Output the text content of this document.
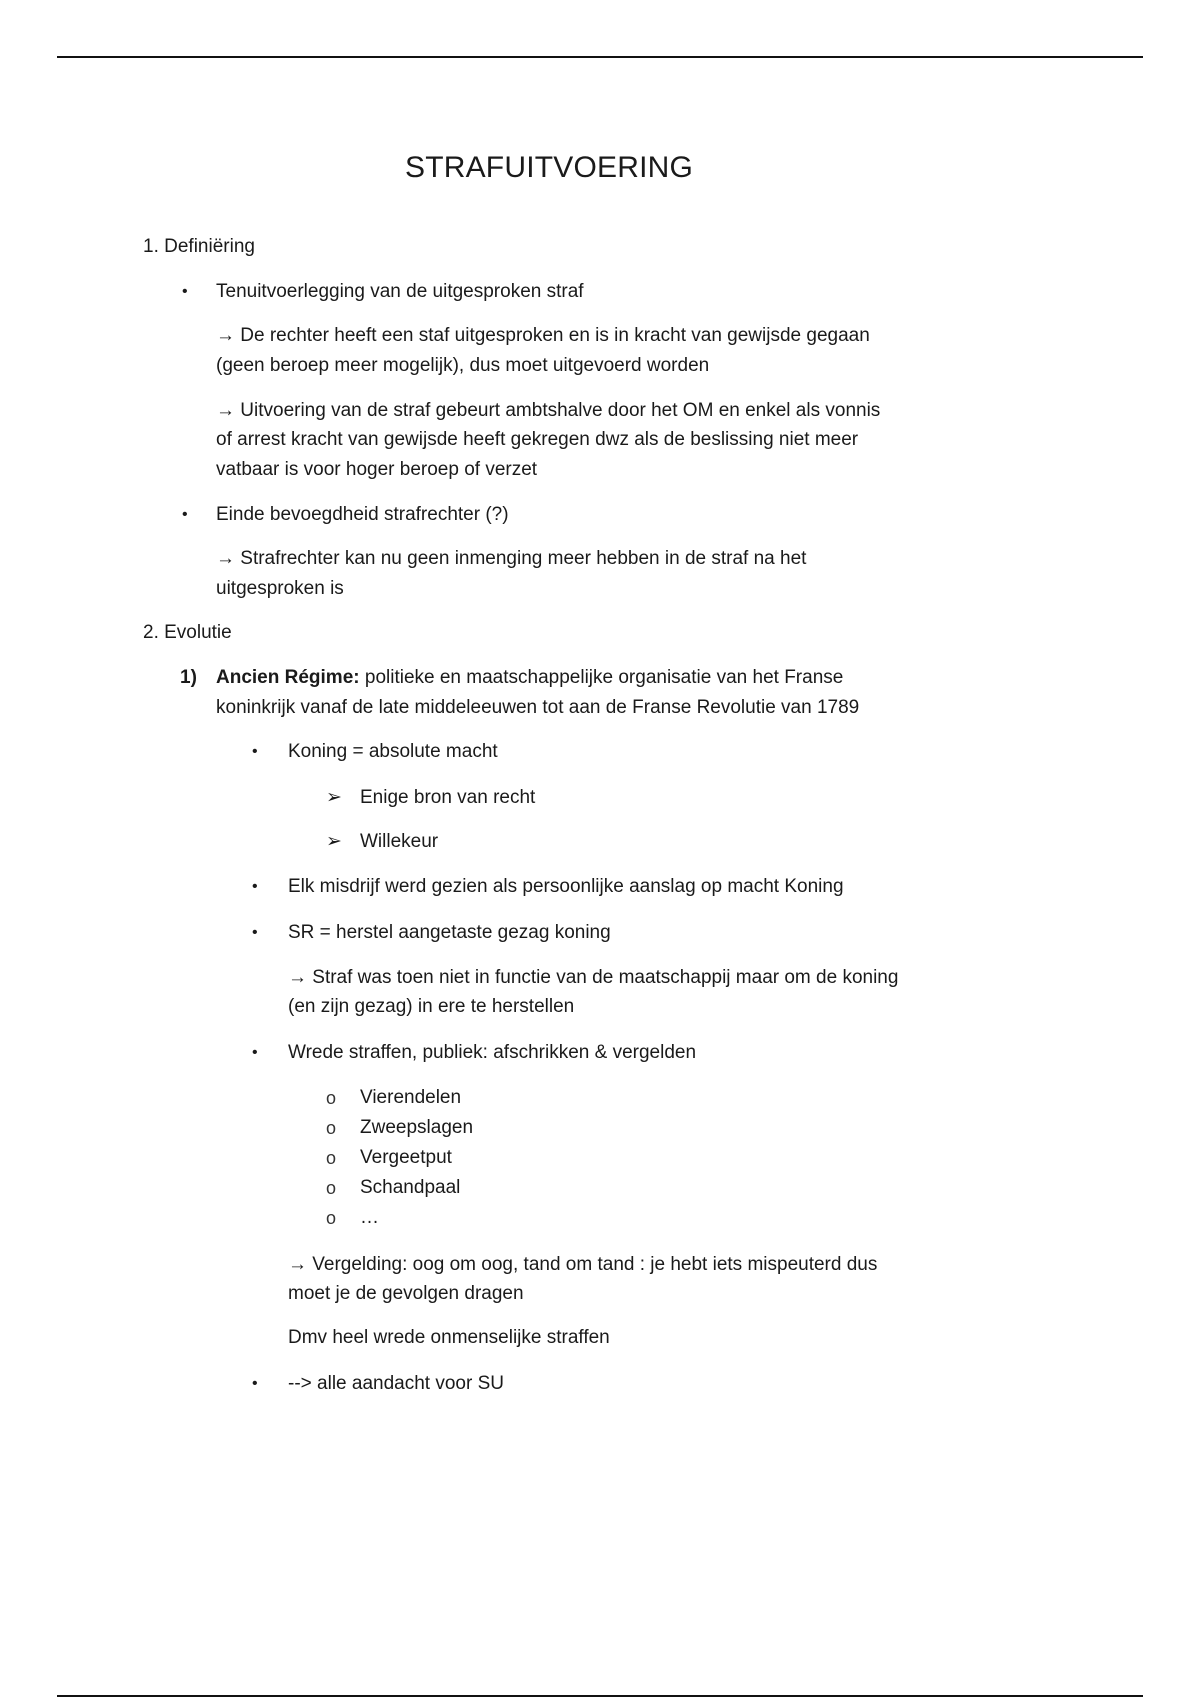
STRAFUITVOERING
1. Definiëring
• Tenuitvoerlegging van de uitgesproken straf
→ De rechter heeft een staf uitgesproken en is in kracht van gewijsde gegaan
(geen beroep meer mogelijk), dus moet uitgevoerd worden
→ Uitvoering van de straf gebeurt ambtshalve door het OM en enkel als vonnis
of arrest kracht van gewijsde heeft gekregen dwz als de beslissing niet meer
vatbaar is voor hoger beroep of verzet
• Einde bevoegdheid strafrechter (?)
→ Strafrechter kan nu geen inmenging meer hebben in de straf na het
uitgesproken is
2. Evolutie
1) Ancien Régime: politieke en maatschappelijke organisatie van het Franse
koninkrijk vanaf de late middeleeuwen tot aan de Franse Revolutie van 1789
• Koning = absolute macht
➢ Enige bron van recht
➢ Willekeur
• Elk misdrijf werd gezien als persoonlijke aanslag op macht Koning
• SR = herstel aangetaste gezag koning
→ Straf was toen niet in functie van de maatschappij maar om de koning
(en zijn gezag) in ere te herstellen
• Wrede straffen, publiek: afschrikken & vergelden
o Vierendelen
o Zweepslagen
o Vergeetput
o Schandpaal
o …
→ Vergelding: oog om oog, tand om tand : je hebt iets mispeuterd dus
moet je de gevolgen dragen
Dmv heel wrede onmenselijke straffen
• --> alle aandacht voor SU
